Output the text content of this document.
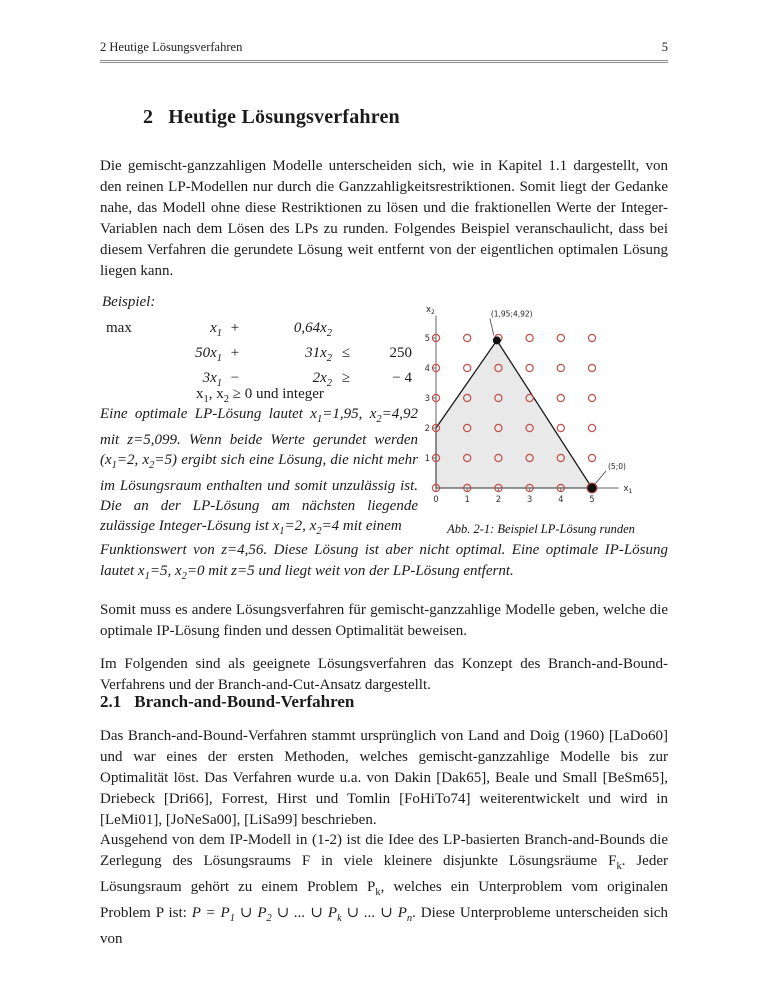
2 Heutige Lösungsverfahren	5
2 Heutige Lösungsverfahren
Die gemischt-ganzzahligen Modelle unterscheiden sich, wie in Kapitel 1.1 dargestellt, von den reinen LP-Modellen nur durch die Ganzzahligkeitsrestriktionen. Somit liegt der Gedanke nahe, das Modell ohne diese Restriktionen zu lösen und die fraktionellen Werte der Integer-Variablen nach dem Lösen des LPs zu runden. Folgendes Beispiel veranschaulicht, dass bei diesem Verfahren die gerundete Lösung weit entfernt von der eigentlichen optimalen Lösung liegen kann.
Beispiel:
max	$x_1$ +	$0,64x_2$
$50x_1$ +	$31x_2$ ≤	250
$3x_1$ −	$2x_2$ ≥	− 4
$x_1$, $x_2 \ge 0$ und integer
0	1	2	3	4	5
1
2
3
4
5
(1,95;4,92)
(5;0)
$x_2$
$x_1$
Abb. 2-1: Beispiel LP-Lösung runden
Eine optimale LP-Lösung lautet $x_1=1,95$, $x_2=4,92$ mit z=5,099. Wenn beide Werte gerundet werden ($x_1=2$, $x_2=5$) ergibt sich eine Lösung, die nicht mehr im Lösungsraum enthalten und somit unzulässig ist. Die an der LP-Lösung am nächsten liegende zulässige Integer-Lösung ist $x_1=2$, $x_2=4$ mit einem
Funktionswert von z=4,56. Diese Lösung ist aber nicht optimal. Eine optimale IP-Lösung lautet $x_1=5$, $x_2=0$ mit z=5 und liegt weit von der LP-Lösung entfernt.
Somit muss es andere Lösungsverfahren für gemischt-ganzzahlige Modelle geben, welche die optimale IP-Lösung finden und dessen Optimalität beweisen.
Im Folgenden sind als geeignete Lösungsverfahren das Konzept des Branch-and-Bound-Verfahrens und der Branch-and-Cut-Ansatz dargestellt.
2.1 Branch-and-Bound-Verfahren
Das Branch-and-Bound-Verfahren stammt ursprünglich von Land and Doig (1960) [LaDo60] und war eines der ersten Methoden, welches gemischt-ganzzahlige Modelle bis zur Optimalität löst. Das Verfahren wurde u.a. von Dakin [Dak65], Beale und Small [BeSm65], Driebeck [Dri66], Forrest, Hirst und Tomlin [FoHiTo74] weiterentwickelt und wird in [LeMi01], [JoNeSa00], [LiSa99] beschrieben.
Ausgehend von dem IP-Modell in (1-2) ist die Idee des LP-basierten Branch-and-Bounds die Zerlegung des Lösungsraums F in viele kleinere disjunkte Lösungsräume $F_k$. Jeder Lösungsraum gehört zu einem Problem $P_k$, welches ein Unterproblem vom originalen Problem P ist: $P = P_1$ ∪ $P_2$ ∪ ... ∪ $P_k$ ∪ ... ∪ $P_n$. Diese Unterprobleme unterscheiden sich von
